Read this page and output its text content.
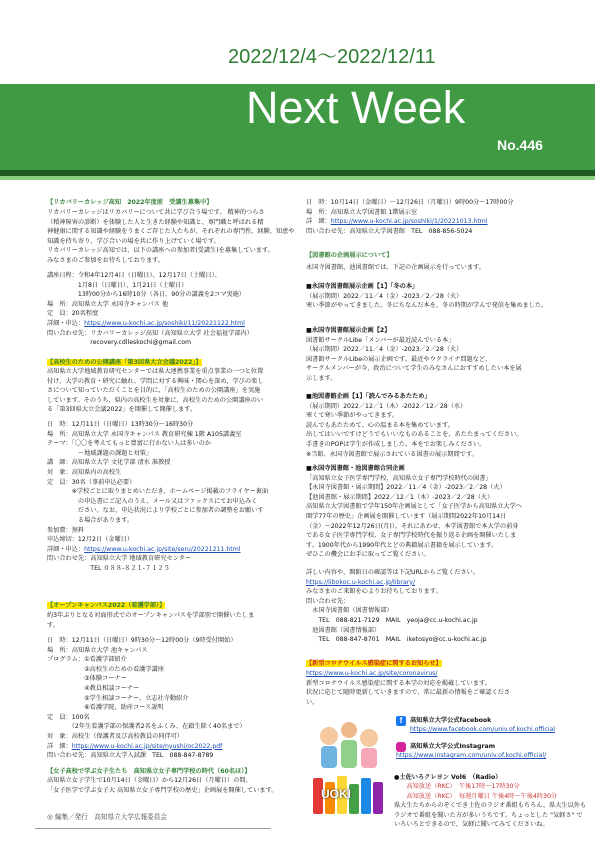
2022/12/4～2022/12/11
Next Week
No.446
【リカバリーカレッジ高知　2022年度前　受講生募集中】
リカバリーカレッジはリカバリーについて共に学び合う場です。 精神的つらさ
（精神障害の診断）を体験した人と生きた経験や知識と、専門職と呼ばれる精
神健康に関する知識や経験をうまくご存じた人たちが、それぞれの専門性、経験、知恵や
知識を持ち寄り、学び合いの場を共に作り上げていく場です。
リカバリーカレッジ高知では、以下の講座への参加者(受講生)を募集しています。
みなさまのご参加をお待ちしております。
講座日程：令和4年12月4日（日曜日）、12月17日（土曜日）、
　　　　　1月8日（日曜日）、1月21日（土曜日）
　　　　　13時00分から16時10分（各日、90分の講義を2コマ実施）
場　所：高知県立大学 永国寺キャンパス 他
定　員：20名程度
詳細・申込：https://www.u-kochi.ac.jp/soshiki/11/20221122.html
問い合わせ先：リカバリーカレッジ高知（高知県立大学 社会福祉学部内）
　　　　　　　recovery.cdlleskochi@gmail.com
【高校生のための公開講座「第3回県大立会議2022」】
高知県立大学地域教育研究センターでは県大連携事業を重点事業の一つと位置
付け、大学の教育・研究に触れ、学問に対する興味・関心を深め、学びの楽し
さについて知っていただくことを目的に、「高校生のための公開講座」を実施
しています。そのうち、県内の高校生を対象に、高校生のための公開講座のい
る「第3回県大立会議2022」を開催して開催します。
日　時：12月11日（日曜日）13時30分～16時30分
場　所：高知県立大学 永国寺キャンパス 教育研究棟 1階 A105講義室
テーマ：「〇〇を考えてもっと豊富に行かない人は多いのか
　　　　　～地域課題の課題と対策」
講　師：高知県立大学 文化学部 清水 准教授
対　象：高知県内の高校生
定　員：30名（事前申込必要）
　　　　※学校ごとに取りまとめいただき、ホームページ掲載のフライヤー裏面
　　　　　の申込書にご記入のうえ、メール又はファックスにてお申込みく
　　　　　ださい。なお、申込状況により学校ごとに参加者の調整をお願いす
　　　　　る場合があります。
参加費：無料
申込締切：12月2日（金曜日）
詳細・申込：https://www.u-kochi.ac.jp/site/seru/20221211.html
問い合わせ先：高知県立大学 地域教育研究センター
　　　　　　　TEL ０８８-８２１-７１２５
【オープンキャンパス2022（看護学部）】
約3年ぶりとなる対面形式でのオープンキャンパスを学部別で開催いたしま
す。
日　時：12月11日（日曜日）9時30分～12時00分（9時受付開始）
場　所：高知県立大学 池キャンパス
プログラム：①看護学部紹介
　　　　　　②高校生のための看護学講座
　　　　　　③体験コーナー
　　　　　　④教員相談コーナー
　　　　　　⑤学生相談コーナー、立志社寺動紹介
　　　　　　⑥看護学院、助産コース説明
定　員：100名
　　　　（2年生看護学部の保護者2名をふくみ、在籍生除く40名まで）
対　象：高校生（保護者及び高校教員の同伴可）
詳　細：https://www.u-kochi.ac.jp/site/nyushi/oc2022.pdf
問い合わせ先：高知県立大学入試課　TEL　088-847-8789
【女子高校で学ぶ女子生たち　高知県立女子専門学校の時代（60名ほ）】
高知県立女子学生で10月14日（金曜日）から12月26日（月曜日）の間、
「女子医学で学ぶ女子大 高知県立女子専門学校の歴史」企画展を開催しています。
◎ 編集／発行　高知県立大学広報委員会
日　時：10月14日（金曜日）～12月26日（月曜日）9時00分～17時00分
場　所：高知県立大学図書館 1階展示室
詳　細：https://www.u-kochi.ac.jp/soshiki/1/20221013.html
問い合わせ先：高知県立大学図書館　TEL　088-856-5024
【図書館の企画展示について】
永国寺図書館、池図書館では、下記の企画展示を行っています。
■永国寺図書館展示企画【1】「冬の本」
（展示期間）2022／11／4（金）-2023／2／28（火）
寒い季節がやってきました。冬にちなんだ本を、冬の時期が学んで発信を集めました。
■永国寺図書館展示企画【2】
図書館サークルLibe「メンバーが最近読んでいる本」
（展示期間）2022／11／4（金）-2023／2／28（火）
図書館サークルLibeの展示企画です。最近やウクライナ問題など、
サークルメンバーが今、政治について学生のみなさんにおすすめしたい本を展
示します。
■池図書館企画【1】「読んでみるあたため」
（展示期間）2022／12／1（木）-2022／12／28（水）
寒くて寒い季節がやってきます。
読んでもあたためて、心の温まる本を集めています。
出してはいいですけどうでもいいなものあることを、あたたまってください。
手書きのPOPは学生が作成しました。本をでお楽しみください。
※当館、永国寺図書館で展示されている図書の展示期間です。
■永国寺図書館・池図書館合同企画
「高知県立女子医学専門学校、高知県立女子専門学校時代の図書」
【永国寺図書館・展示期間】2022／11／4（金）-2023／2／28（火）
【池図書館・展示期間】2022／12／1（木）-2023／2／28（火）
高知県立大学図書館で学年150年企画展として「女子医学から高知県立大学へ
開学77年の歴史」企画展を開催しています（展示期間2022年10月14日
（金）～2022年12月26日(月)）。それにあわせ、本学図書館で本大学の前身
である女子医学専門学校、女子専門学校時代を振り返る企画を開催いたしま
す。1900年代から1990年代とどの典籍展示書籍を展示しています。
ぜひこの機会にお手に取ってご覧ください。
詳しい内容や、開館日の確認等は下記URLからご覧ください。
https://libokoc.u-kochi.ac.jp/library/
みなさまのご来館を心よりお待ちしております。
問い合わせ先：
　永国寺図書館（図書情報部）
　　TEL　088-821-7129　MAIL　yeoja@cc.u-kochi.ac.jp
　池図書館（図書情報部）
　　TEL　088-847-8701　MAIL　iketosyo@cc.u-kochi.ac.jp
【新型コロナウイルス感染症に関するお知らせ】
https://www.u-kochi.ac.jp/site/coronavirus/
新型コロナウイルス感染症に関する本学の対応を掲載しています。
状況に応じて随時更新していきますので、常に最新の情報をご確認くださ
い。
f	高知県立大学公式facebook
https://www.facebook.com/univ.of.kochi.official
高知県立大学公式Instagram
https://www.instagram.com/univ.of.kochi.official/
UOKI
●土佐いろクレヨン Vol6　（Radio）
　　高知放送（RKC）　午後17時～17時30分
　　高知放送（RKC）　毎週月曜日 午後4時～午後4時30分
県大生たちからのぞくでき土佐のラジオ番組もちろん、県大生以外も
ラジオで番組を聞いた方が多いうちです。ちょっとした "気軽さ" で
いろいろとできるので、気軽に聞いてみてくださいね。
